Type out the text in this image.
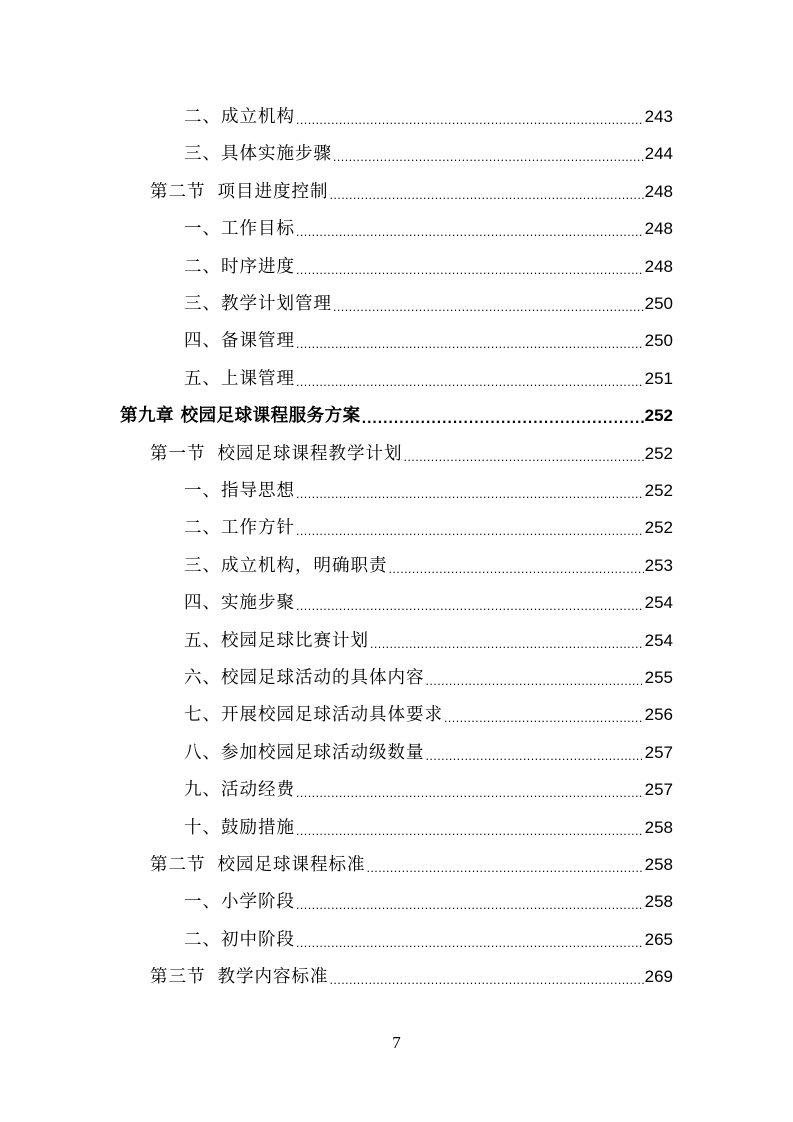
二、成立机构 .....	243
三、具体实施步骤 .....	244
第二节 项目进度控制 .....	248
一、工作目标 .....	248
二、时序进度 .....	248
三、教学计划管理 .....	250
四、备课管理 .....	250
五、上课管理 .....	251
第九章 校园足球课程服务方案 .....	252
第一节 校园足球课程教学计划 .....	252
一、指导思想 .....	252
二、工作方针 .....	252
三、成立机构，明确职责 .....	253
四、实施步聚 .....	254
五、校园足球比赛计划 .....	254
六、校园足球活动的具体内容 .....	255
七、开展校园足球活动具体要求 .....	256
八、参加校园足球活动级数量 .....	257
九、活动经费 .....	257
十、鼓励措施 .....	258
第二节 校园足球课程标准 .....	258
一、小学阶段 .....	258
二、初中阶段 .....	265
第三节 教学内容标准 .....	269
7
